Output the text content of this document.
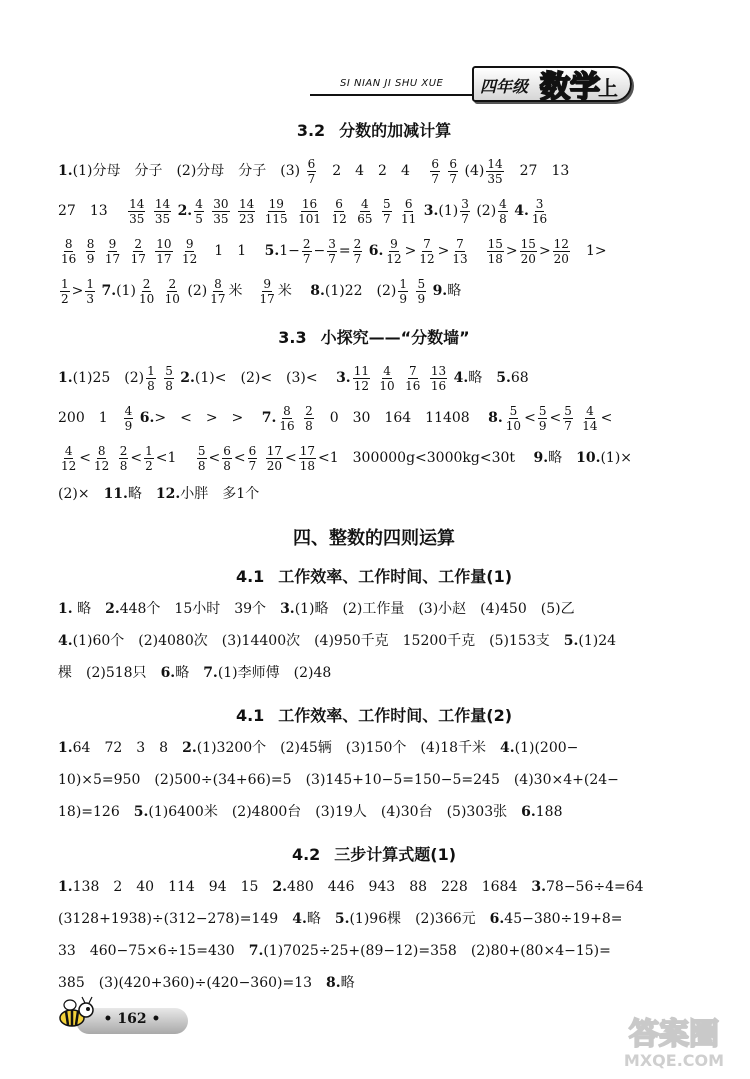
SI NIAN JI SHU XUE 四年级 数学
上
3.2 分数的加减计算
1.(1)分母　分子　(2)分母　分子　$(3) \frac{6}{7}$ 　2　4　2　4　 $\frac{6}{7}$
$\frac{6}{7} (4) \frac{14}{35}$ 　27　13
27　13　 $\frac{14}{35}$
$\frac{14}{35} 2$. $\frac{4}{5}$
$\frac{30}{35}$
$\frac{14}{23}$
$\frac{19}{115}$
$\frac{16}{101}$
$\frac{6}{12}$
$\frac{4}{65}$
$\frac{5}{7}$
$\frac{6}{11} 3.(1) \frac{3}{7} (2) \frac{4}{8} 4$. $\frac{3}{16}$
$\frac{8}{16}$
$\frac{8}{9}$
$\frac{9}{17}$
$\frac{2}{17}$
$\frac{10}{17}$
$\frac{9}{12}$ 　1　1　 $5.1- \frac{2}{7} - \frac{3}{7} = \frac{2}{7} 6$. $\frac{9}{12} > \frac{7}{12} > \frac{7}{13}$
　 $\frac{15}{18} > \frac{15}{20} > \frac{12}{20}$ 　1>
$\frac{1}{2} > \frac{1}{3} 7.(1) \frac{2}{10}$
$\frac{2}{10} (2) \frac{8}{17}$ 米　 $\frac{9}{17}$ 米　 8.(1)22　$(2) \frac{1}{9}$
$\frac{5}{9} 9$.略
3.3 小探究——“分数墙”
1.(1)25　$(2) \frac{1}{8}$
$\frac{5}{8} 2.(1)<$　(2)<　(3)<　 3. $\frac{11}{12}$
$\frac{4}{10}$
$\frac{7}{16}$
$\frac{13}{16} 4$.略　5.68
200　1　 $\frac{4}{9} 6.>$　<　>　>　 7. $\frac{8}{16}$
$\frac{2}{8}$ 　0　30　164　11408　 8. $\frac{5}{10} < \frac{5}{9} < \frac{5}{7}$
$\frac{4}{14}$ <
$\frac{4}{12} < \frac{8}{12}$
$\frac{2}{8} < \frac{1}{2} <1$　 $\frac{5}{8} < \frac{6}{8} < \frac{6}{7}$
$\frac{17}{20} < \frac{17}{18} <1$　300000g<3000kg<30t　 9.略　10.(1)×
(2)×　11.略　12.小胖　多1个
四、整数的四则运算
4.1 工作效率、工作时间、工作量(1)
1. 略　2.448个　15小时　39个　3.(1)略　(2)工作量　(3)小赵　(4)450　(5)乙
4.(1)60个　(2)4080次　(3)14400次　(4)950千克　15200千克　(5)153支　5.(1)24
棵　(2)518只　6.略　7.(1)李师傅　(2)48
4.1 工作效率、工作时间、工作量(2)
1.64　72　3　8　2.(1)3200个　(2)45辆　(3)150个　(4)18千米　4.(1)(200−
10)×5=950　(2)500÷(34+66)=5　(3)145+10−5=150−5=245　(4)30×4+(24−
18)=126　5.(1)6400米　(2)4800台　(3)19人　(4)30台　(5)303张　6.188
4.2 三步计算式题(1)
1.138　2　40　114　94　15　2.480　446　943　88　228　1684　3.78−56÷4=64
(3128+1938)÷(312−278)=149　4.略　5.(1)96棵　(2)366元　6.45−380÷19+8=
33　460−75×6÷15=430　7.(1)7025÷25+(89−12)=358　(2)80+(80×4−15)=
385　(3)(420+360)÷(420−360)=13　8.略
• 162 •	答案圈
MXQE.COM
